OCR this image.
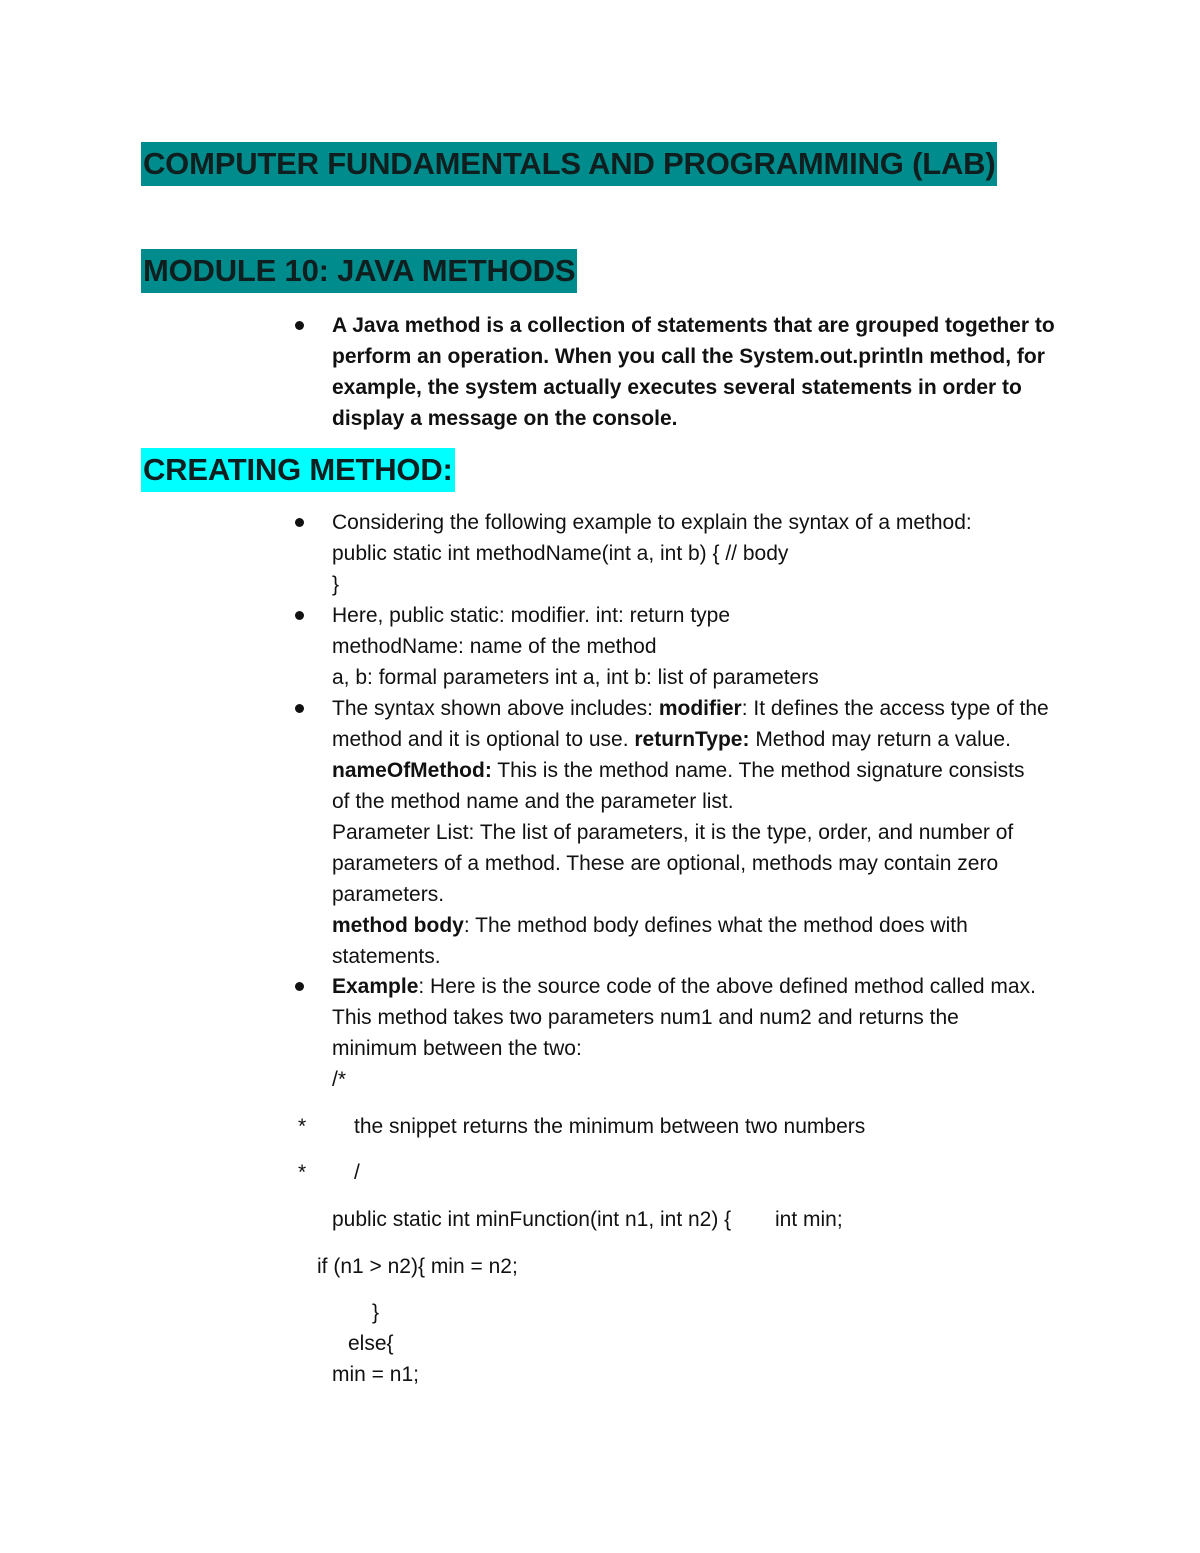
COMPUTER FUNDAMENTALS AND PROGRAMMING (LAB)
MODULE 10: JAVA METHODS
A Java method is a collection of statements that are grouped together to
perform an operation. When you call the System.out.println method, for
example, the system actually executes several statements in order to
display a message on the console.
CREATING METHOD:
Considering the following example to explain the syntax of a method:
public static int methodName(int a, int b) { // body
}
Here, public static: modifier. int: return type
methodName: name of the method
a, b: formal parameters int a, int b: list of parameters
The syntax shown above includes: modifier: It defines the access type of the
method and it is optional to use. returnType: Method may return a value.
nameOfMethod: This is the method name. The method signature consists
of the method name and the parameter list.
Parameter List: The list of parameters, it is the type, order, and number of
parameters of a method. These are optional, methods may contain zero
parameters.
method body: The method body defines what the method does with
statements.
Example: Here is the source code of the above defined method called max.
This method takes two parameters num1 and num2 and returns the
minimum between the two:
/*
* the snippet returns the minimum between two numbers
* /
public static int minFunction(int n1, int n2) { int min;
if (n1 > n2){ min = n2;
}
else{
min = n1;
